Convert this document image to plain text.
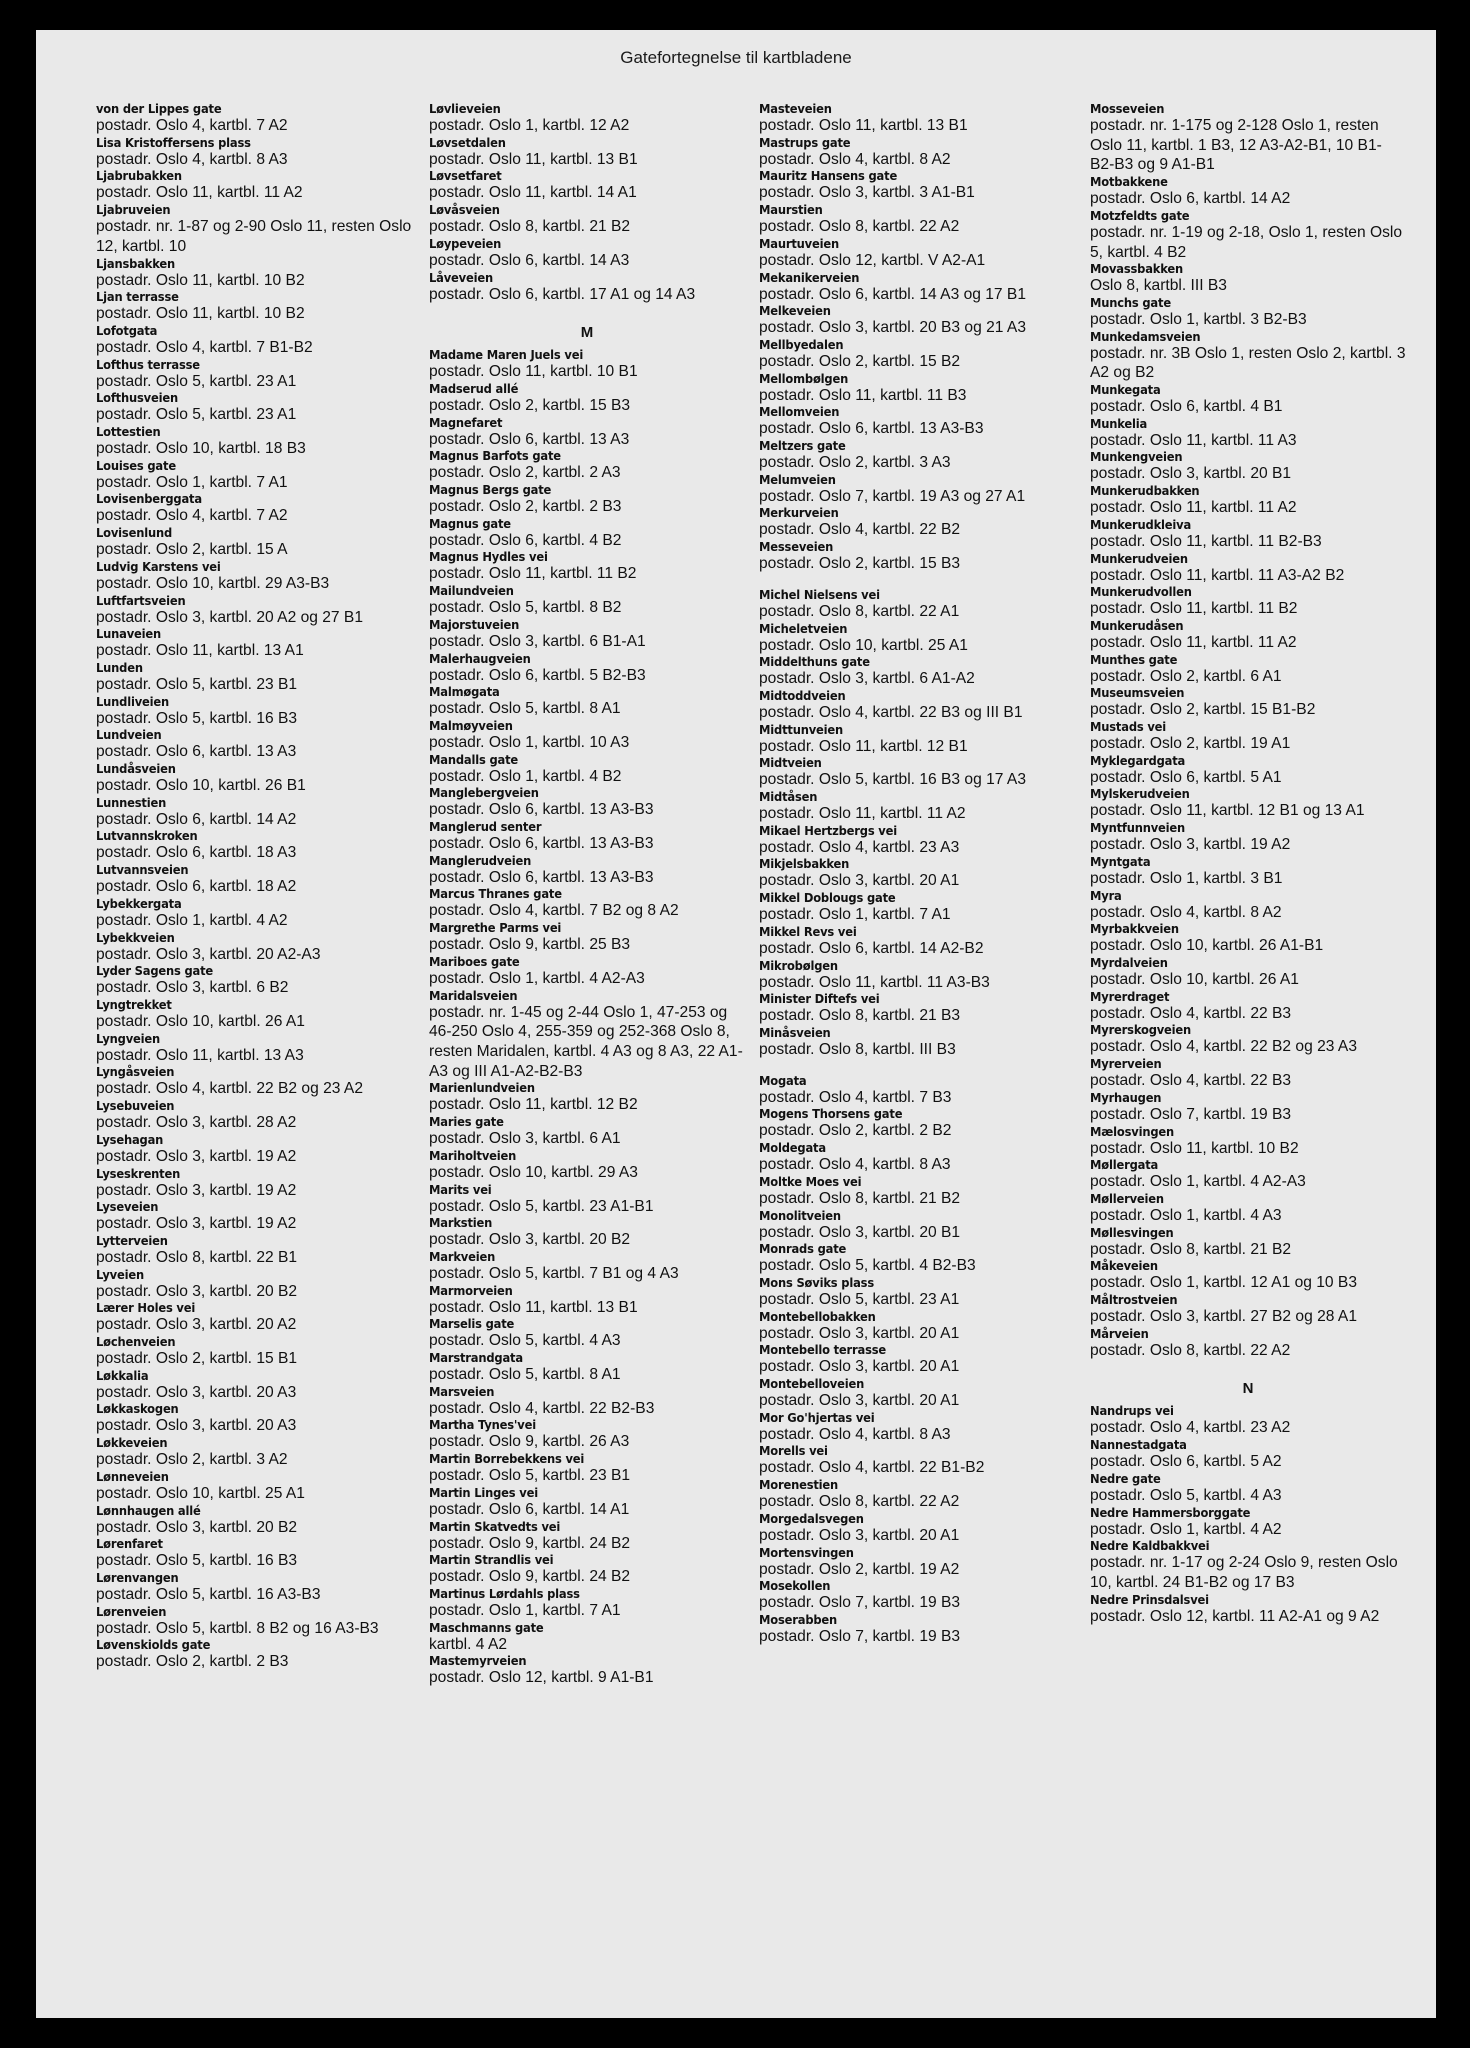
Gatefortegnelse til kartbladene
von der Lippes gate
postadr. Oslo 4, kartbl. 7 A2
Lisa Kristoffersens plass
postadr. Oslo 4, kartbl. 8 A3
Ljabrubakken
postadr. Oslo 11, kartbl. 11 A2
Ljabruveien
postadr. nr. 1-87 og 2-90 Oslo 11, resten Oslo 12, kartbl. 10
Ljansbakken
postadr. Oslo 11, kartbl. 10 B2
Ljan terrasse
postadr. Oslo 11, kartbl. 10 B2
Lofotgata
postadr. Oslo 4, kartbl. 7 B1-B2
Lofthus terrasse
postadr. Oslo 5, kartbl. 23 A1
Lofthusveien
postadr. Oslo 5, kartbl. 23 A1
Lottestien
postadr. Oslo 10, kartbl. 18 B3
Louises gate
postadr. Oslo 1, kartbl. 7 A1
Lovisenberggata
postadr. Oslo 4, kartbl. 7 A2
Lovisenlund
postadr. Oslo 2, kartbl. 15 A
Ludvig Karstens vei
postadr. Oslo 10, kartbl. 29 A3-B3
Luftfartsveien
postadr. Oslo 3, kartbl. 20 A2 og 27 B1
Lunaveien
postadr. Oslo 11, kartbl. 13 A1
Lunden
postadr. Oslo 5, kartbl. 23 B1
Lundliveien
postadr. Oslo 5, kartbl. 16 B3
Lundveien
postadr. Oslo 6, kartbl. 13 A3
Lundåsveien
postadr. Oslo 10, kartbl. 26 B1
Lunnestien
postadr. Oslo 6, kartbl. 14 A2
Lutvannskroken
postadr. Oslo 6, kartbl. 18 A3
Lutvannsveien
postadr. Oslo 6, kartbl. 18 A2
Lybekkergata
postadr. Oslo 1, kartbl. 4 A2
Lybekkveien
postadr. Oslo 3, kartbl. 20 A2-A3
Lyder Sagens gate
postadr. Oslo 3, kartbl. 6 B2
Lyngtrekket
postadr. Oslo 10, kartbl. 26 A1
Lyngveien
postadr. Oslo 11, kartbl. 13 A3
Lyngåsveien
postadr. Oslo 4, kartbl. 22 B2 og 23 A2
Lysebuveien
postadr. Oslo 3, kartbl. 28 A2
Lysehagan
postadr. Oslo 3, kartbl. 19 A2
Lyseskrenten
postadr. Oslo 3, kartbl. 19 A2
Lyseveien
postadr. Oslo 3, kartbl. 19 A2
Lytterveien
postadr. Oslo 8, kartbl. 22 B1
Lyveien
postadr. Oslo 3, kartbl. 20 B2
Lærer Holes vei
postadr. Oslo 3, kartbl. 20 A2
Løchenveien
postadr. Oslo 2, kartbl. 15 B1
Løkkalia
postadr. Oslo 3, kartbl. 20 A3
Løkkaskogen
postadr. Oslo 3, kartbl. 20 A3
Løkkeveien
postadr. Oslo 2, kartbl. 3 A2
Lønneveien
postadr. Oslo 10, kartbl. 25 A1
Lønnhaugen allé
postadr. Oslo 3, kartbl. 20 B2
Lørenfaret
postadr. Oslo 5, kartbl. 16 B3
Lørenvangen
postadr. Oslo 5, kartbl. 16 A3-B3
Lørenveien
postadr. Oslo 5, kartbl. 8 B2 og 16 A3-B3
Løvenskiolds gate
postadr. Oslo 2, kartbl. 2 B3
Løvlieveien
postadr. Oslo 1, kartbl. 12 A2
Løvsetdalen
postadr. Oslo 11, kartbl. 13 B1
Løvsetfaret
postadr. Oslo 11, kartbl. 14 A1
Løvåsveien
postadr. Oslo 8, kartbl. 21 B2
Løypeveien
postadr. Oslo 6, kartbl. 14 A3
Låveveien
postadr. Oslo 6, kartbl. 17 A1 og 14 A3
M
Madame Maren Juels vei
postadr. Oslo 11, kartbl. 10 B1
Madserud allé
postadr. Oslo 2, kartbl. 15 B3
Magnefaret
postadr. Oslo 6, kartbl. 13 A3
Magnus Barfots gate
postadr. Oslo 2, kartbl. 2 A3
Magnus Bergs gate
postadr. Oslo 2, kartbl. 2 B3
Magnus gate
postadr. Oslo 6, kartbl. 4 B2
Magnus Hydles vei
postadr. Oslo 11, kartbl. 11 B2
Mailundveien
postadr. Oslo 5, kartbl. 8 B2
Majorstuveien
postadr. Oslo 3, kartbl. 6 B1-A1
Malerhaugveien
postadr. Oslo 6, kartbl. 5 B2-B3
Malmøgata
postadr. Oslo 5, kartbl. 8 A1
Malmøyveien
postadr. Oslo 1, kartbl. 10 A3
Mandalls gate
postadr. Oslo 1, kartbl. 4 B2
Manglebergveien
postadr. Oslo 6, kartbl. 13 A3-B3
Manglerud senter
postadr. Oslo 6, kartbl. 13 A3-B3
Manglerudveien
postadr. Oslo 6, kartbl. 13 A3-B3
Marcus Thranes gate
postadr. Oslo 4, kartbl. 7 B2 og 8 A2
Margrethe Parms vei
postadr. Oslo 9, kartbl. 25 B3
Mariboes gate
postadr. Oslo 1, kartbl. 4 A2-A3
Maridalsveien
postadr. nr. 1-45 og 2-44 Oslo 1, 47-253 og 46-250 Oslo 4, 255-359 og 252-368 Oslo 8, resten Maridalen, kartbl. 4 A3 og 8 A3, 22 A1-A3 og III A1-A2-B2-B3
Marienlundveien
postadr. Oslo 11, kartbl. 12 B2
Maries gate
postadr. Oslo 3, kartbl. 6 A1
Mariholtveien
postadr. Oslo 10, kartbl. 29 A3
Marits vei
postadr. Oslo 5, kartbl. 23 A1-B1
Markstien
postadr. Oslo 3, kartbl. 20 B2
Markveien
postadr. Oslo 5, kartbl. 7 B1 og 4 A3
Marmorveien
postadr. Oslo 11, kartbl. 13 B1
Marselis gate
postadr. Oslo 5, kartbl. 4 A3
Marstrandgata
postadr. Oslo 5, kartbl. 8 A1
Marsveien
postadr. Oslo 4, kartbl. 22 B2-B3
Martha Tynes'vei
postadr. Oslo 9, kartbl. 26 A3
Martin Borrebekkens vei
postadr. Oslo 5, kartbl. 23 B1
Martin Linges vei
postadr. Oslo 6, kartbl. 14 A1
Martin Skatvedts vei
postadr. Oslo 9, kartbl. 24 B2
Martin Strandlis vei
postadr. Oslo 9, kartbl. 24 B2
Martinus Lørdahls plass
postadr. Oslo 1, kartbl. 7 A1
Maschmanns gate
kartbl. 4 A2
Mastemyrveien
postadr. Oslo 12, kartbl. 9 A1-B1
Masteveien
postadr. Oslo 11, kartbl. 13 B1
Mastrups gate
postadr. Oslo 4, kartbl. 8 A2
Mauritz Hansens gate
postadr. Oslo 3, kartbl. 3 A1-B1
Maurstien
postadr. Oslo 8, kartbl. 22 A2
Maurtuveien
postadr. Oslo 12, kartbl. V A2-A1
Mekanikerveien
postadr. Oslo 6, kartbl. 14 A3 og 17 B1
Melkeveien
postadr. Oslo 3, kartbl. 20 B3 og 21 A3
Mellbyedalen
postadr. Oslo 2, kartbl. 15 B2
Mellombølgen
postadr. Oslo 11, kartbl. 11 B3
Mellomveien
postadr. Oslo 6, kartbl. 13 A3-B3
Meltzers gate
postadr. Oslo 2, kartbl. 3 A3
Melumveien
postadr. Oslo 7, kartbl. 19 A3 og 27 A1
Merkurveien
postadr. Oslo 4, kartbl. 22 B2
Messeveien
postadr. Oslo 2, kartbl. 15 B3
Michel Nielsens vei
postadr. Oslo 8, kartbl. 22 A1
Micheletveien
postadr. Oslo 10, kartbl. 25 A1
Middelthuns gate
postadr. Oslo 3, kartbl. 6 A1-A2
Midtoddveien
postadr. Oslo 4, kartbl. 22 B3 og III B1
Midttunveien
postadr. Oslo 11, kartbl. 12 B1
Midtveien
postadr. Oslo 5, kartbl. 16 B3 og 17 A3
Midtåsen
postadr. Oslo 11, kartbl. 11 A2
Mikael Hertzbergs vei
postadr. Oslo 4, kartbl. 23 A3
Mikjelsbakken
postadr. Oslo 3, kartbl. 20 A1
Mikkel Doblougs gate
postadr. Oslo 1, kartbl. 7 A1
Mikkel Revs vei
postadr. Oslo 6, kartbl. 14 A2-B2
Mikrobølgen
postadr. Oslo 11, kartbl. 11 A3-B3
Minister Diftefs vei
postadr. Oslo 8, kartbl. 21 B3
Minåsveien
postadr. Oslo 8, kartbl. III B3
Mogata
postadr. Oslo 4, kartbl. 7 B3
Mogens Thorsens gate
postadr. Oslo 2, kartbl. 2 B2
Moldegata
postadr. Oslo 4, kartbl. 8 A3
Moltke Moes vei
postadr. Oslo 8, kartbl. 21 B2
Monolitveien
postadr. Oslo 3, kartbl. 20 B1
Monrads gate
postadr. Oslo 5, kartbl. 4 B2-B3
Mons Søviks plass
postadr. Oslo 5, kartbl. 23 A1
Montebellobakken
postadr. Oslo 3, kartbl. 20 A1
Montebello terrasse
postadr. Oslo 3, kartbl. 20 A1
Montebelloveien
postadr. Oslo 3, kartbl. 20 A1
Mor Go'hjertas vei
postadr. Oslo 4, kartbl. 8 A3
Morells vei
postadr. Oslo 4, kartbl. 22 B1-B2
Morenestien
postadr. Oslo 8, kartbl. 22 A2
Morgedalsvegen
postadr. Oslo 3, kartbl. 20 A1
Mortensvingen
postadr. Oslo 2, kartbl. 19 A2
Mosekollen
postadr. Oslo 7, kartbl. 19 B3
Moserabben
postadr. Oslo 7, kartbl. 19 B3
Mosseveien
postadr. nr. 1-175 og 2-128 Oslo 1, resten Oslo 11, kartbl. 1 B3, 12 A3-A2-B1, 10 B1-B2-B3 og 9 A1-B1
Motbakkene
postadr. Oslo 6, kartbl. 14 A2
Motzfeldts gate
postadr. nr. 1-19 og 2-18, Oslo 1, resten Oslo 5, kartbl. 4 B2
Movassbakken
Oslo 8, kartbl. III B3
Munchs gate
postadr. Oslo 1, kartbl. 3 B2-B3
Munkedamsveien
postadr. nr. 3B Oslo 1, resten Oslo 2, kartbl. 3 A2 og B2
Munkegata
postadr. Oslo 6, kartbl. 4 B1
Munkelia
postadr. Oslo 11, kartbl. 11 A3
Munkengveien
postadr. Oslo 3, kartbl. 20 B1
Munkerudbakken
postadr. Oslo 11, kartbl. 11 A2
Munkerudkleiva
postadr. Oslo 11, kartbl. 11 B2-B3
Munkerudveien
postadr. Oslo 11, kartbl. 11 A3-A2 B2
Munkerudvollen
postadr. Oslo 11, kartbl. 11 B2
Munkerudåsen
postadr. Oslo 11, kartbl. 11 A2
Munthes gate
postadr. Oslo 2, kartbl. 6 A1
Museumsveien
postadr. Oslo 2, kartbl. 15 B1-B2
Mustads vei
postadr. Oslo 2, kartbl. 19 A1
Myklegardgata
postadr. Oslo 6, kartbl. 5 A1
Mylskerudveien
postadr. Oslo 11, kartbl. 12 B1 og 13 A1
Myntfunnveien
postadr. Oslo 3, kartbl. 19 A2
Myntgata
postadr. Oslo 1, kartbl. 3 B1
Myra
postadr. Oslo 4, kartbl. 8 A2
Myrbakkveien
postadr. Oslo 10, kartbl. 26 A1-B1
Myrdalveien
postadr. Oslo 10, kartbl. 26 A1
Myrerdraget
postadr. Oslo 4, kartbl. 22 B3
Myrerskogveien
postadr. Oslo 4, kartbl. 22 B2 og 23 A3
Myrerveien
postadr. Oslo 4, kartbl. 22 B3
Myrhaugen
postadr. Oslo 7, kartbl. 19 B3
Mælosvingen
postadr. Oslo 11, kartbl. 10 B2
Møllergata
postadr. Oslo 1, kartbl. 4 A2-A3
Møllerveien
postadr. Oslo 1, kartbl. 4 A3
Møllesvingen
postadr. Oslo 8, kartbl. 21 B2
Måkeveien
postadr. Oslo 1, kartbl. 12 A1 og 10 B3
Måltrostveien
postadr. Oslo 3, kartbl. 27 B2 og 28 A1
Mårveien
postadr. Oslo 8, kartbl. 22 A2
N
Nandrups vei
postadr. Oslo 4, kartbl. 23 A2
Nannestadgata
postadr. Oslo 6, kartbl. 5 A2
Nedre gate
postadr. Oslo 5, kartbl. 4 A3
Nedre Hammersborggate
postadr. Oslo 1, kartbl. 4 A2
Nedre Kaldbakkvei
postadr. nr. 1-17 og 2-24 Oslo 9, resten Oslo 10, kartbl. 24 B1-B2 og 17 B3
Nedre Prinsdalsvei
postadr. Oslo 12, kartbl. 11 A2-A1 og 9 A2
